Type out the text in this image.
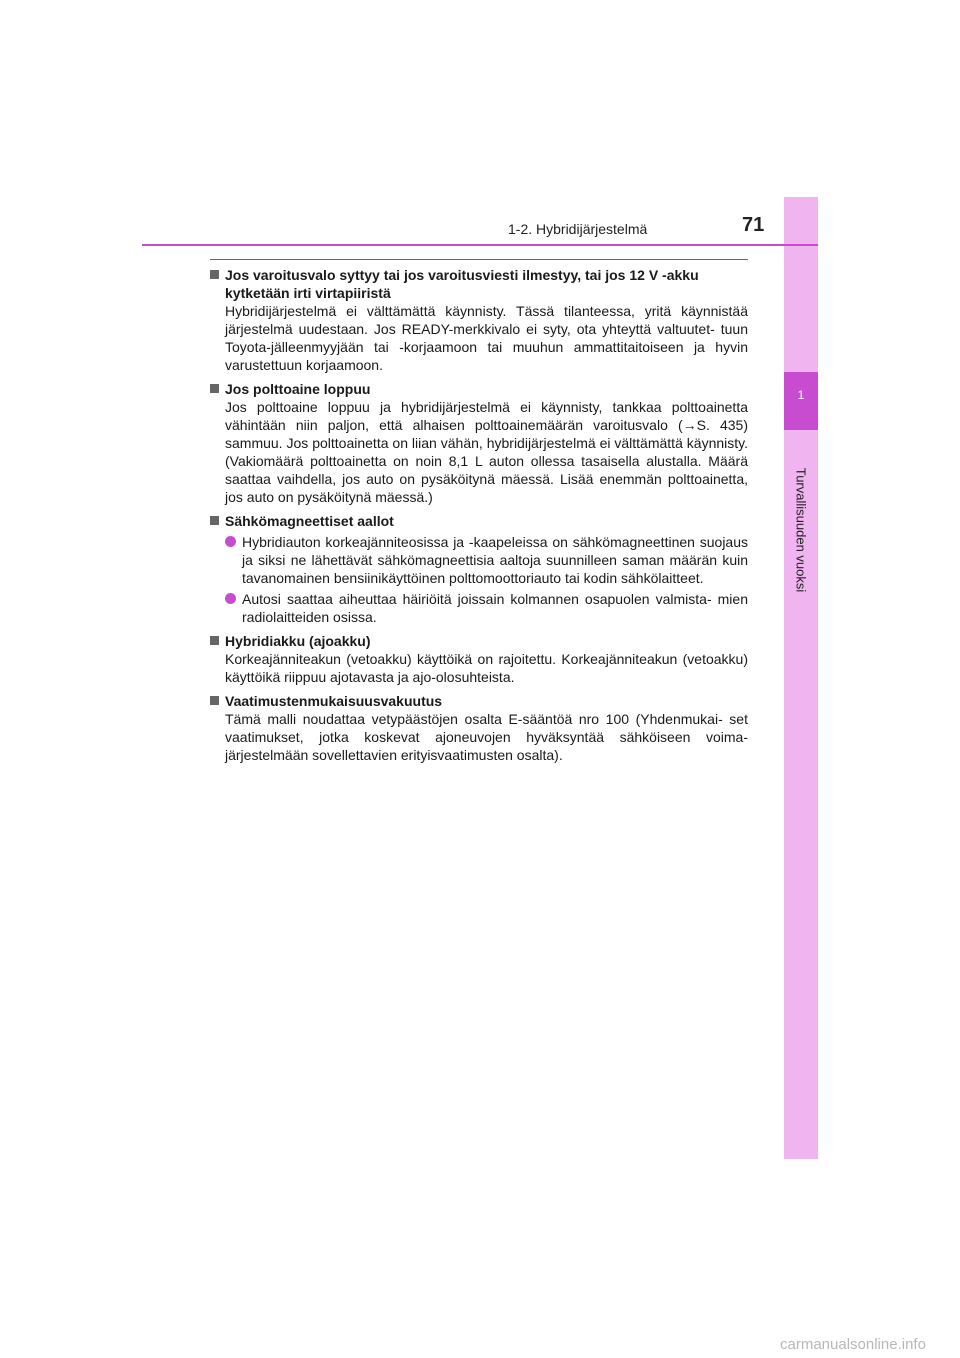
1
Turvallisuuden vuoksi
1-2. Hybridijärjestelmä	71
Jos varoitusvalo syttyy tai jos varoitusviesti ilmestyy, tai jos 12 V -akku kytketään irti virtapiiristä
Hybridijärjestelmä ei välttämättä käynnisty. Tässä tilanteessa, yritä käynnistää järjestelmä uudestaan. Jos READY-merkkivalo ei syty, ota yhteyttä valtuutet- tuun Toyota-jälleenmyyjään tai -korjaamoon tai muuhun ammattitaitoiseen ja hyvin varustettuun korjaamoon.
Jos polttoaine loppuu
Jos polttoaine loppuu ja hybridijärjestelmä ei käynnisty, tankkaa polttoainetta vähintään niin paljon, että alhaisen polttoainemäärän varoitusvalo (→S. 435) sammuu. Jos polttoainetta on liian vähän, hybridijärjestelmä ei välttämättä käynnisty. (Vakiomäärä polttoainetta on noin 8,1 L auton ollessa tasaisella alustalla. Määrä saattaa vaihdella, jos auto on pysäköitynä mäessä. Lisää enemmän polttoainetta, jos auto on pysäköitynä mäessä.)
Sähkömagneettiset aallot
Hybridiauton korkeajänniteosissa ja -kaapeleissa on sähkömagneettinen suojaus ja siksi ne lähettävät sähkömagneettisia aaltoja suunnilleen saman määrän kuin tavanomainen bensiinikäyttöinen polttomoottoriauto tai kodin sähkölaitteet.
Autosi saattaa aiheuttaa häiriöitä joissain kolmannen osapuolen valmista- mien radiolaitteiden osissa.
Hybridiakku (ajoakku)
Korkeajänniteakun (vetoakku) käyttöikä on rajoitettu. Korkeajänniteakun (vetoakku) käyttöikä riippuu ajotavasta ja ajo-olosuhteista.
Vaatimustenmukaisuusvakuutus
Tämä malli noudattaa vetypäästöjen osalta E-sääntöä nro 100 (Yhdenmukai- set vaatimukset, jotka koskevat ajoneuvojen hyväksyntää sähköiseen voima- järjestelmään sovellettavien erityisvaatimusten osalta).
carmanualsonline.info
